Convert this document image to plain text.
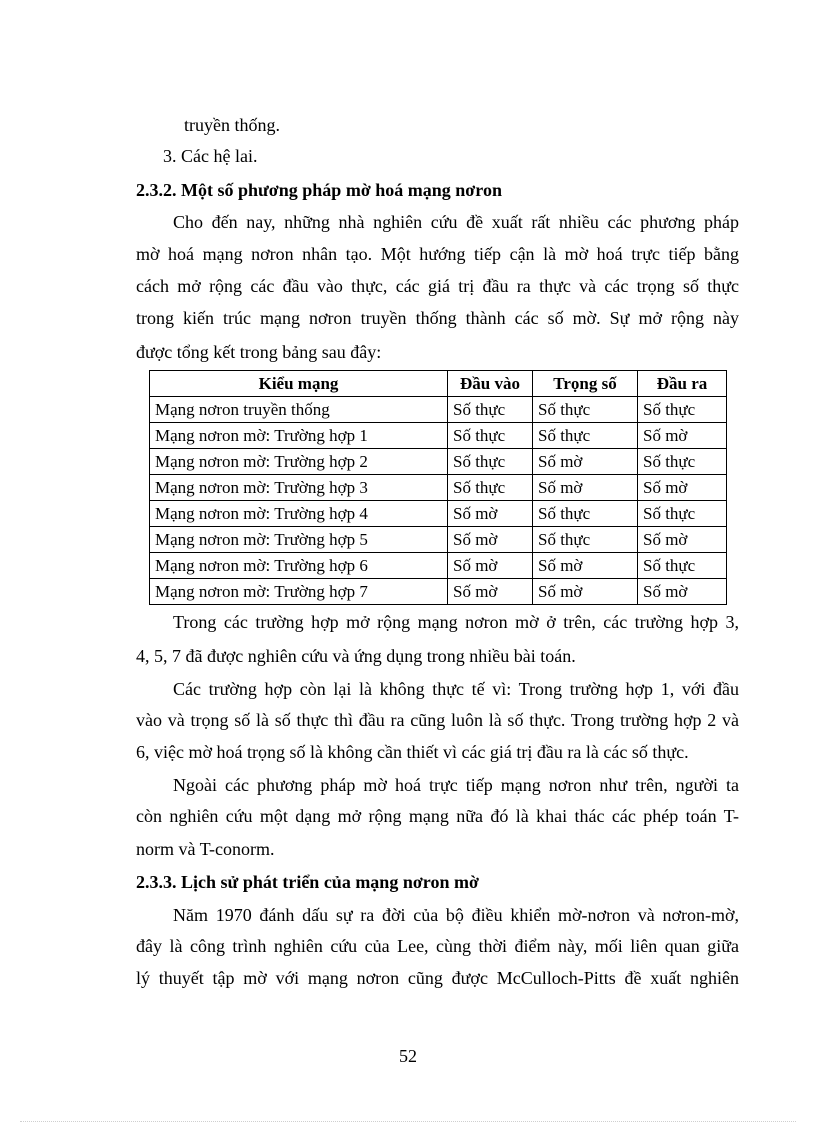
truyền thống.
3. Các hệ lai.
2.3.2. Một số phương pháp mờ hoá mạng nơron
Cho đến nay, những nhà nghiên cứu đề xuất rất nhiều các phương pháp
mờ hoá mạng nơron nhân tạo. Một hướng tiếp cận là mờ hoá trực tiếp bằng
cách mở rộng các đầu vào thực, các giá trị đầu ra thực và các trọng số thực
trong kiến trúc mạng nơron truyền thống thành các số mờ. Sự mở rộng này
được tổng kết trong bảng sau đây:
Kiểu mạng	Đầu vào	Trọng số	Đầu ra
Mạng nơron truyền thống	Số thực	Số thực	Số thực
Mạng nơron mờ: Trường hợp 1	Số thực	Số thực	Số mờ
Mạng nơron mờ: Trường hợp 2	Số thực	Số mờ	Số thực
Mạng nơron mờ: Trường hợp 3	Số thực	Số mờ	Số mờ
Mạng nơron mờ: Trường hợp 4	Số mờ	Số thực	Số thực
Mạng nơron mờ: Trường hợp 5	Số mờ	Số thực	Số mờ
Mạng nơron mờ: Trường hợp 6	Số mờ	Số mờ	Số thực
Mạng nơron mờ: Trường hợp 7	Số mờ	Số mờ	Số mờ
Trong các trường hợp mở rộng mạng nơron mờ ở trên, các trường hợp 3,
4, 5, 7 đã được nghiên cứu và ứng dụng trong nhiều bài toán.
Các trường hợp còn lại là không thực tế vì: Trong trường hợp 1, với đầu
vào và trọng số là số thực thì đầu ra cũng luôn là số thực. Trong trường hợp 2 và
6, việc mờ hoá trọng số là không cần thiết vì các giá trị đầu ra là các số thực.
Ngoài các phương pháp mờ hoá trực tiếp mạng nơron như trên, người ta
còn nghiên cứu một dạng mở rộng mạng nữa đó là khai thác các phép toán T-
norm và T-conorm.
2.3.3. Lịch sử phát triển của mạng nơron mờ
Năm 1970 đánh dấu sự ra đời của bộ điều khiển mờ-nơron và nơron-mờ,
đây là công trình nghiên cứu của Lee, cùng thời điểm này, mối liên quan giữa
lý thuyết tập mờ với mạng nơron cũng được McCulloch-Pitts đề xuất nghiên
52
